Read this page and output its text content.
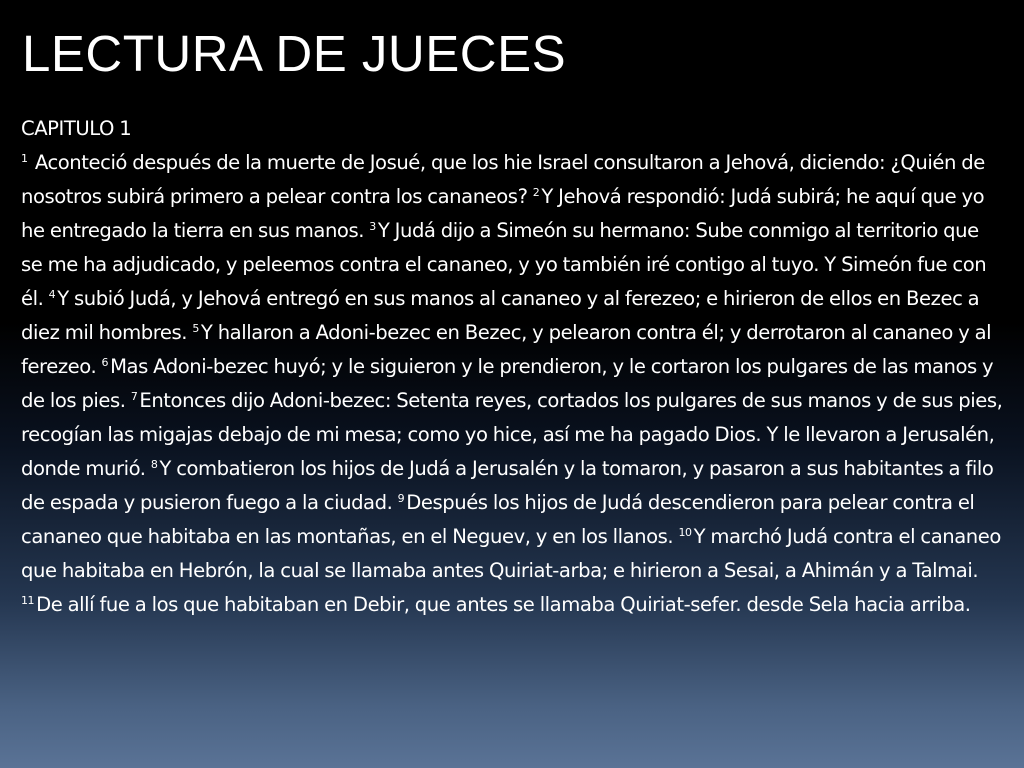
LECTURA DE JUECES
CAPITULO 1
$^1$ Aconteció después de la muerte de Josué, que los hie Israel consultaron a Jehová, diciendo: ¿Quién de nosotros subirá primero a pelear contra los cananeos? $^2$ Y Jehová respondió: Judá subirá; he aquí que yo he entregado la tierra en sus manos. $^3$ Y Judá dijo a Simeón su hermano: Sube conmigo al territorio que se me ha adjudicado, y peleemos contra el cananeo, y yo también iré contigo al tuyo. Y Simeón fue con él. $^4$ Y subió Judá, y Jehová entregó en sus manos al cananeo y al ferezeo; e hirieron de ellos en Bezec a diez mil hombres. $^5$ Y hallaron a Adoni-bezec en Bezec, y pelearon contra él; y derrotaron al cananeo y al ferezeo. $^6$ Mas Adoni-bezec huyó; y le siguieron y le prendieron, y le cortaron los pulgares de las manos y de los pies. $^7$ Entonces dijo Adoni-bezec: Setenta reyes, cortados los pulgares de sus manos y de sus pies, recogían las migajas debajo de mi mesa; como yo hice, así me ha pagado Dios. Y le llevaron a Jerusalén, donde murió. $^8$ Y combatieron los hijos de Judá a Jerusalén y la tomaron, y pasaron a sus habitantes a filo de espada y pusieron fuego a la ciudad. $^9$ Después los hijos de Judá descendieron para pelear contra el cananeo que habitaba en las montañas, en el Neguev, y en los llanos. $^{10}$ Y marchó Judá contra el cananeo que habitaba en Hebrón, la cual se llamaba antes Quiriat-arba; e hirieron a Sesai, a Ahimán y a Talmai. $^{11}$ De allí fue a los que habitaban en Debir, que antes se llamaba Quiriat-sefer. desde Sela hacia arriba.
